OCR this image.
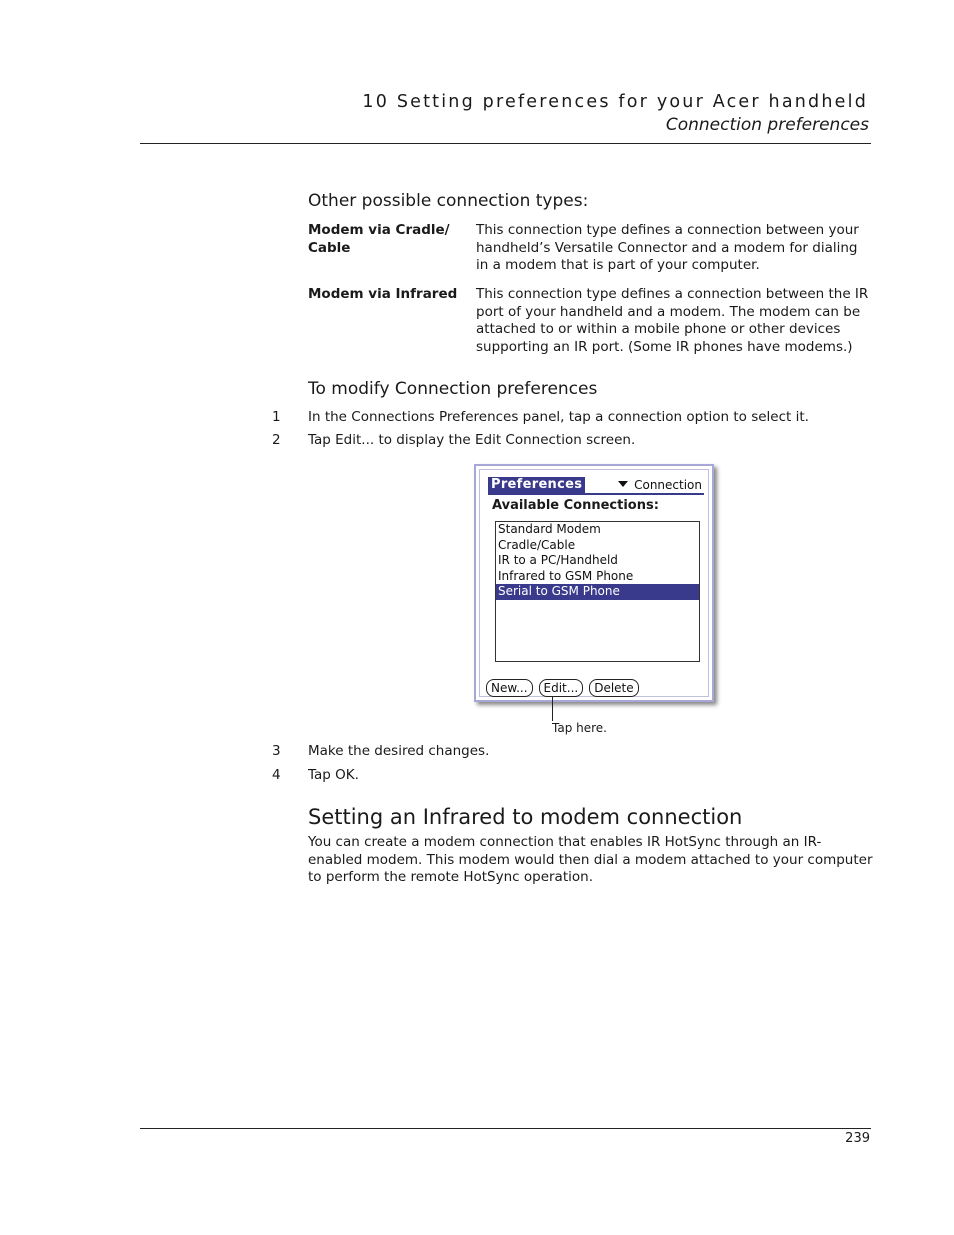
10 Setting preferences for your Acer handheld
Connection preferences
Other possible connection types:
Modem via Cradle/ Cable
This connection type defines a connection between your handheld’s Versatile Connector and a modem for dialing in a modem that is part of your computer.
Modem via Infrared	This connection type defines a connection between the IR port of your handheld and a modem. The modem can be attached to or within a mobile phone or other devices supporting an IR port. (Some IR phones have modems.)
To modify Connection preferences
1 In the Connections Preferences panel, tap a connection option to select it.
2 Tap Edit... to display the Edit Connection screen.
Preferences	Connection
Available Connections:
Standard Modem
Cradle/Cable
IR to a PC/Handheld
Infrared to GSM Phone
Serial to GSM Phone
New... Edit... Delete
Tap here.
3 Make the desired changes.
4 Tap OK.
Setting an Infrared to modem connection
You can create a modem connection that enables IR HotSync through an IR-enabled modem. This modem would then dial a modem attached to your computer to perform the remote HotSync operation.
239
